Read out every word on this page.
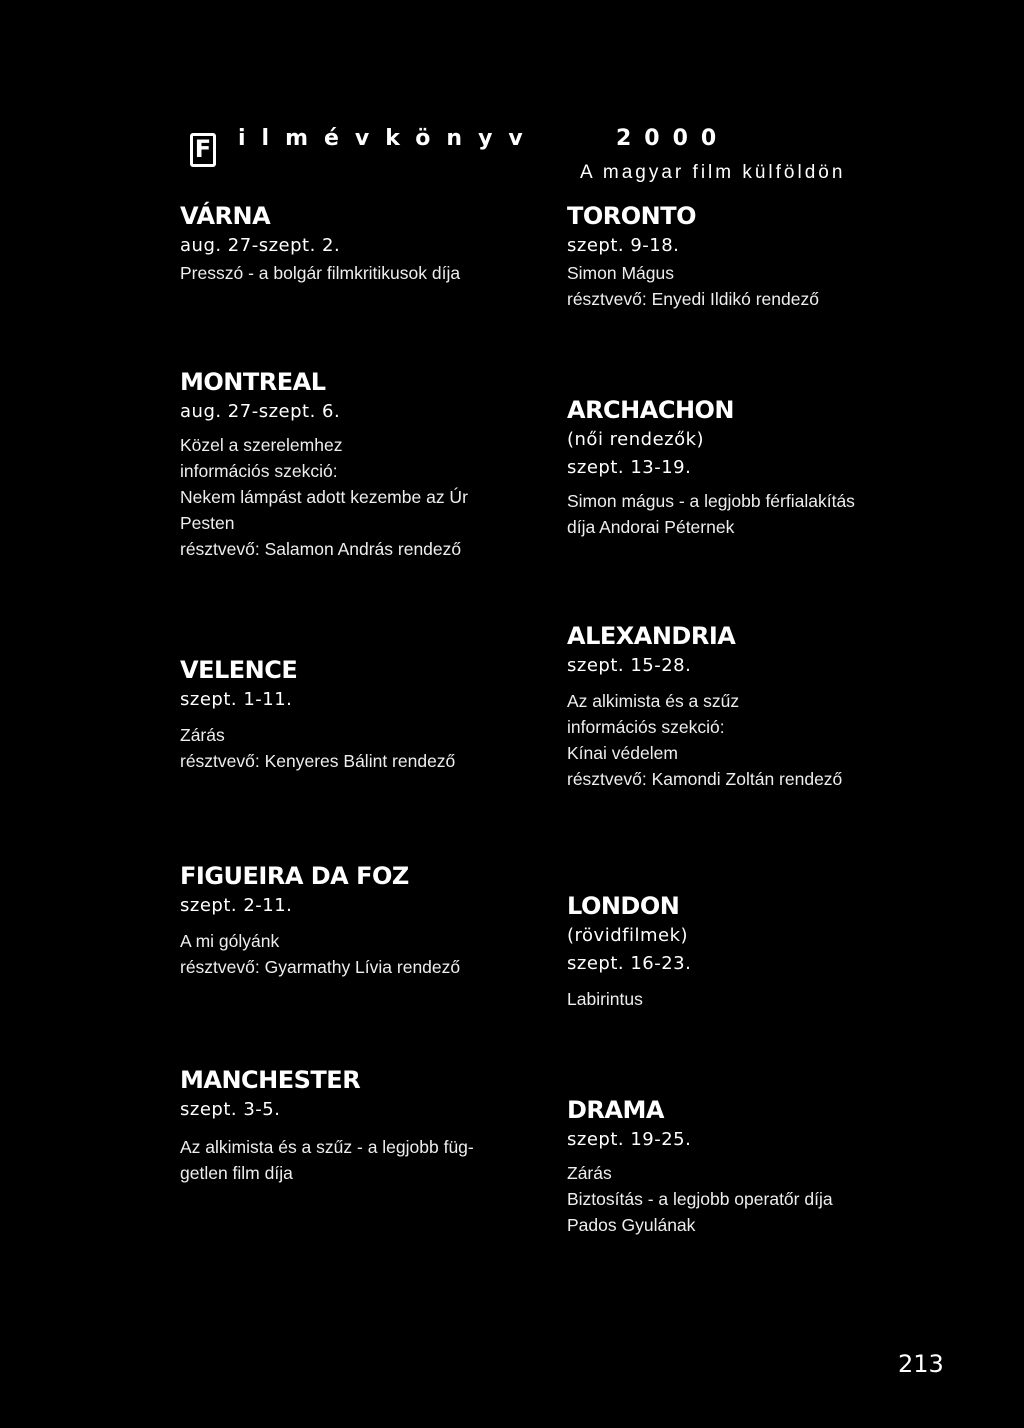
F ilmévkönyv	2000
A magyar film külföldön

VÁRNA

aug. 27-szept. 2.

Presszó - a bolgár filmkritikusok díja

MONTREAL

aug. 27-szept. 6.

Közel a szerelemhez

információs szekció:

Nekem lámpást adott kezembe az Úr

Pesten

résztvevő: Salamon András rendező

VELENCE

szept. 1-11.

Zárás

résztvevő: Kenyeres Bálint rendező

FIGUEIRA DA FOZ

szept. 2-11.

A mi gólyánk

résztvevő: Gyarmathy Lívia rendező

MANCHESTER

szept. 3-5.

Az alkimista és a szűz - a legjobb füg-

getlen film díja

TORONTO

szept. 9-18.

Simon Mágus

résztvevő: Enyedi Ildikó rendező

ARCHACHON

(női rendezők)

szept. 13-19.

Simon mágus - a legjobb férfialakítás

díja Andorai Péternek

ALEXANDRIA

szept. 15-28.

Az alkimista és a szűz

információs szekció:

Kínai védelem

résztvevő: Kamondi Zoltán rendező

LONDON

(rövidfilmek)

szept. 16-23.

Labirintus

DRAMA

szept. 19-25.

Zárás

Biztosítás - a legjobb operatőr díja

Pados Gyulának

213
